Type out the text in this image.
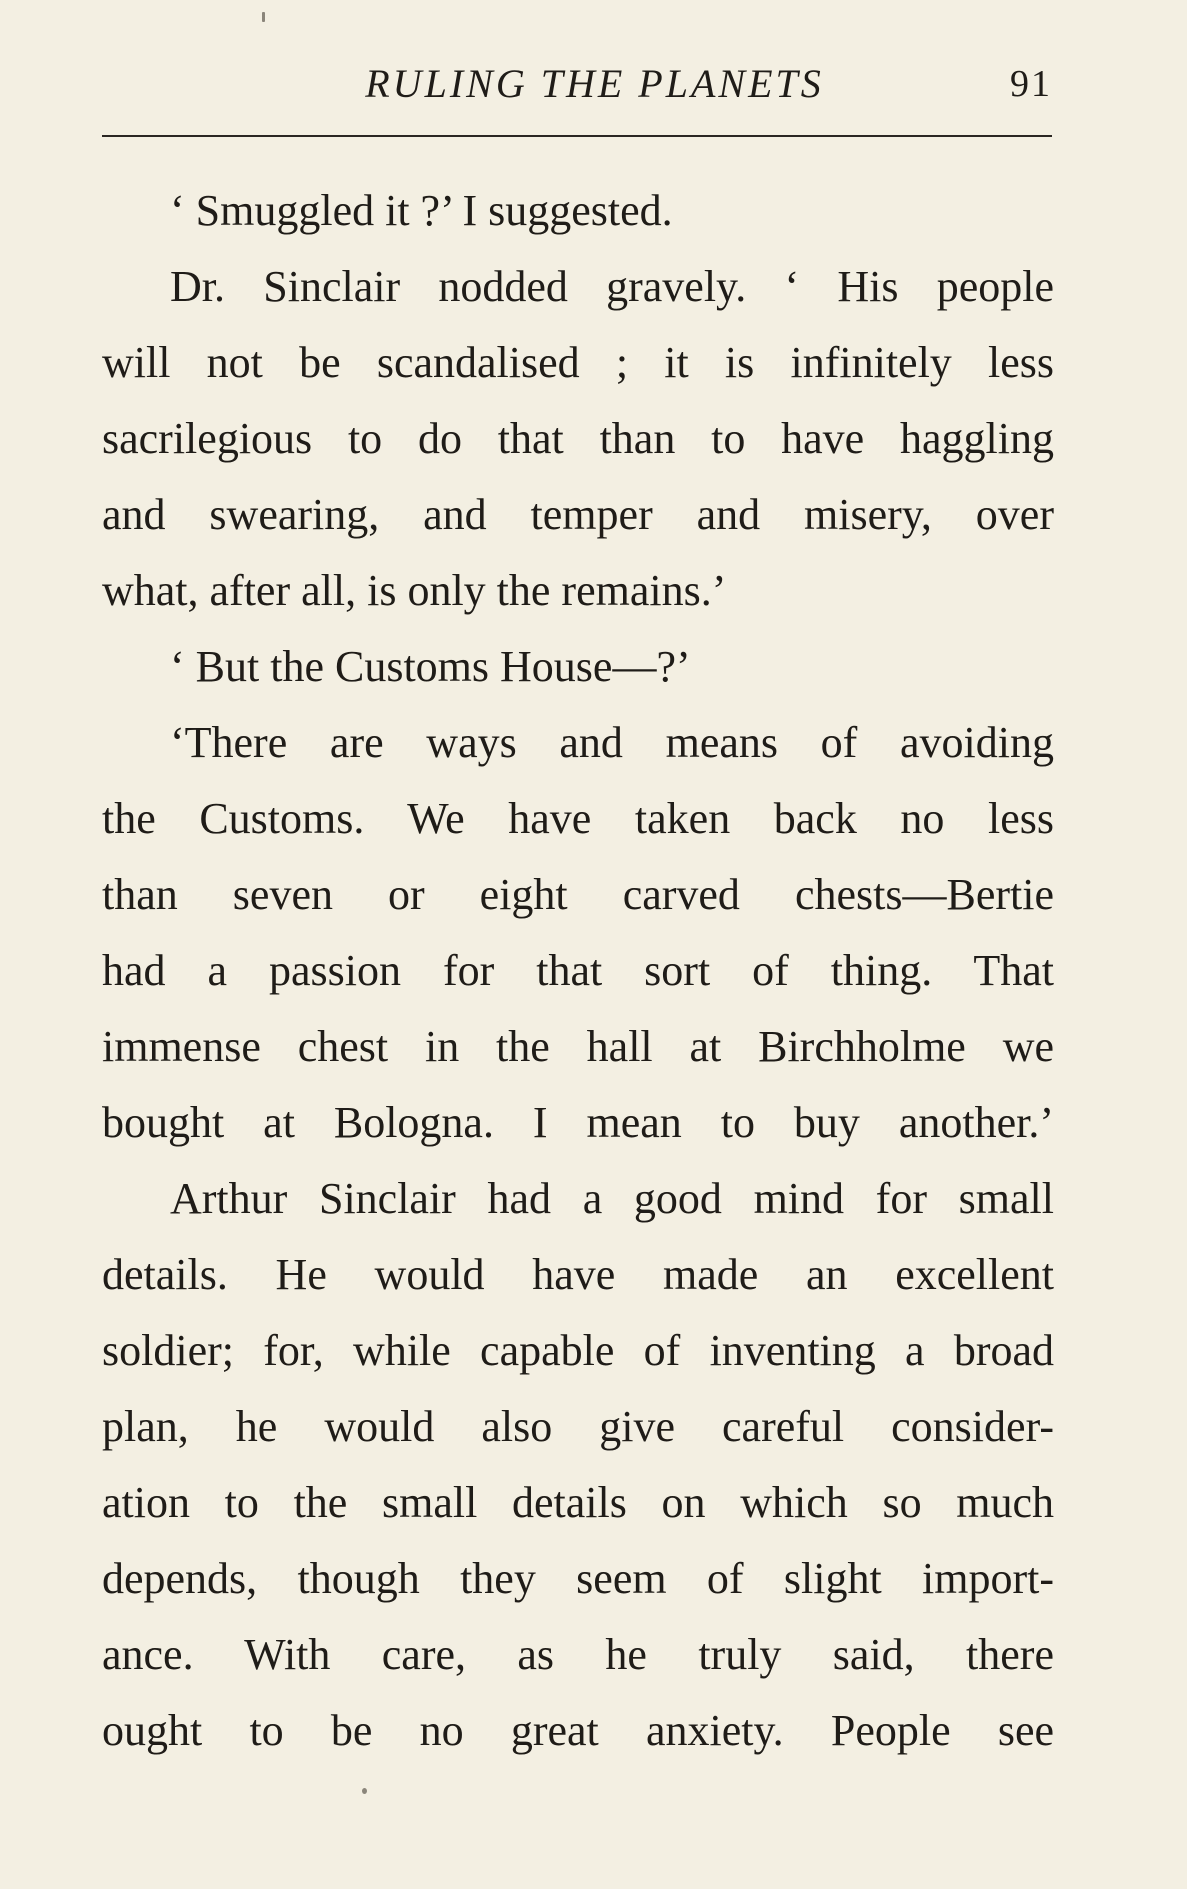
RULING THE PLANETS	91
‘ Smuggled it ?’ I suggested.
Dr. Sinclair nodded gravely. ‘ His people
will not be scandalised ; it is infinitely less
sacrilegious to do that than to have haggling
and swearing, and temper and misery, over
what, after all, is only the remains.’
‘ But the Customs House—?’
‘There are ways and means of avoiding
the Customs. We have taken back no less
than seven or eight carved chests—Bertie
had a passion for that sort of thing. That
immense chest in the hall at Birchholme we
bought at Bologna. I mean to buy another.’
Arthur Sinclair had a good mind for small
details. He would have made an excellent
soldier; for, while capable of inventing a broad
plan, he would also give careful consider-
ation to the small details on which so much
depends, though they seem of slight import-
ance. With care, as he truly said, there
ought to be no great anxiety. People see
